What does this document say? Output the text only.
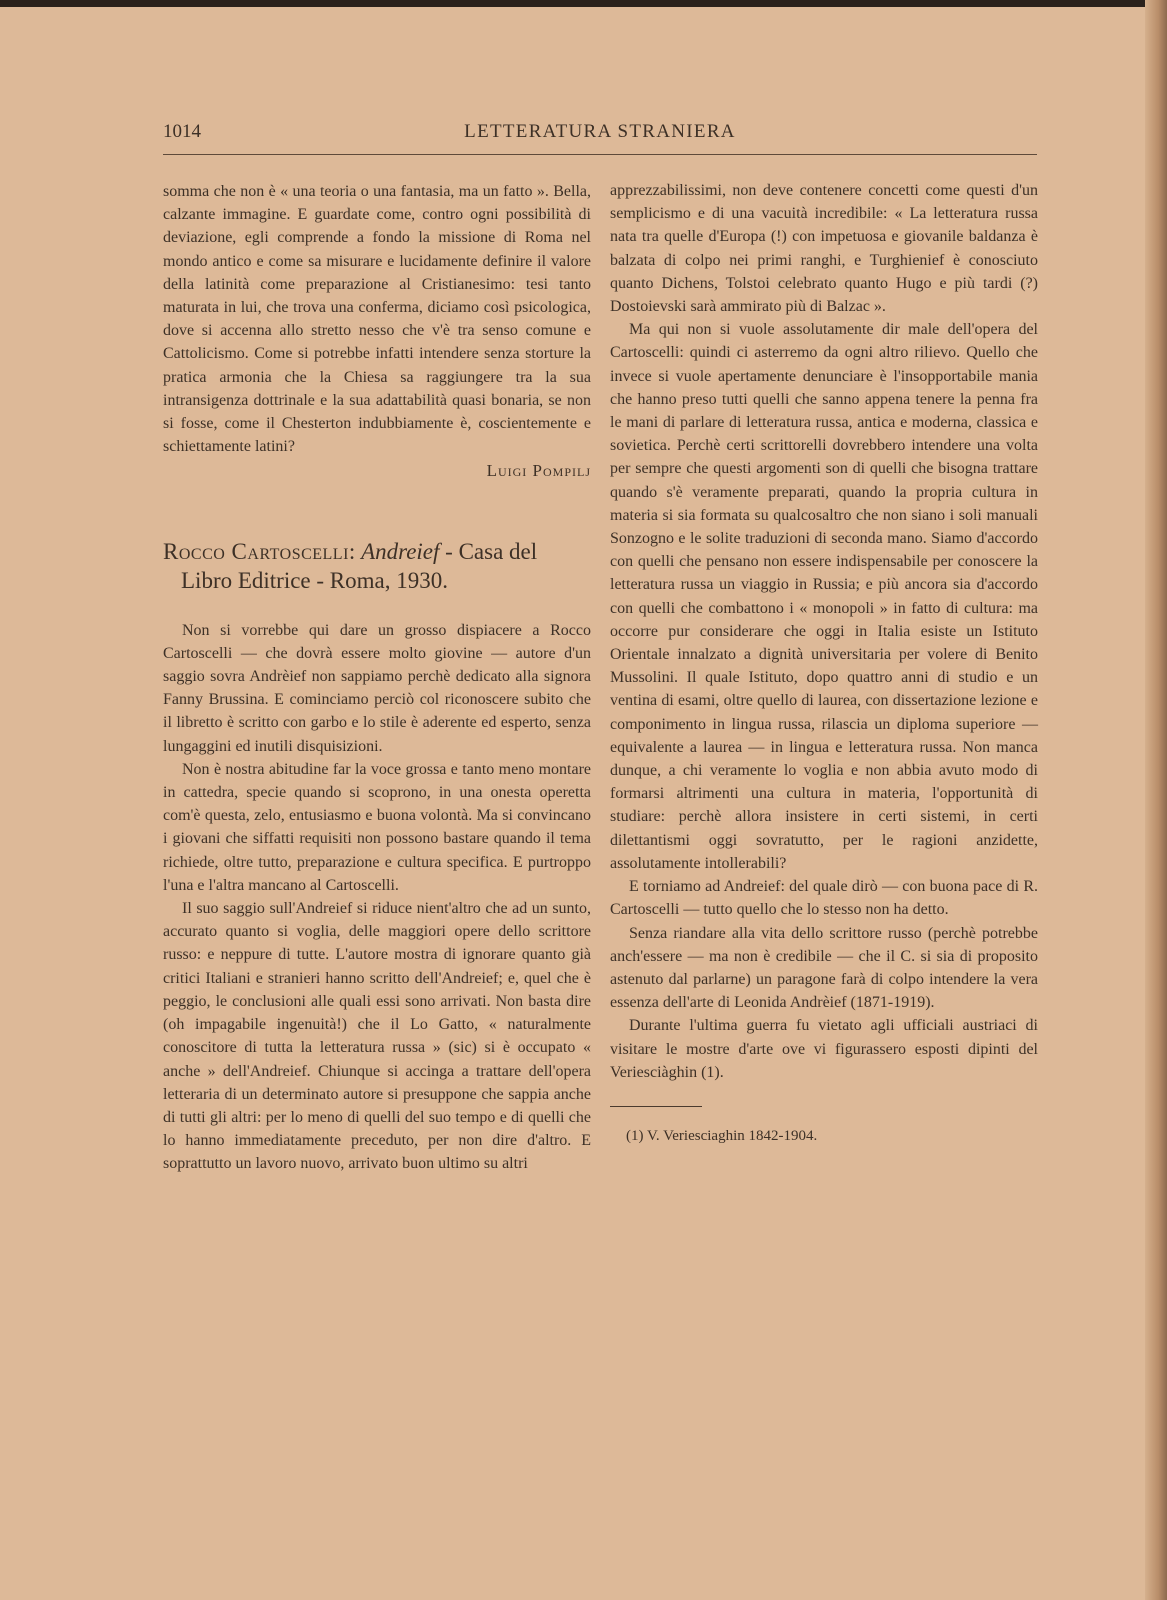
1014	LETTERATURA STRANIERA

somma che non è « una teoria o una fantasia, ma un fatto ». Bella, calzante immagine. E guardate come, contro ogni possibilità di deviazione, egli comprende a fondo la missione di Roma nel mondo antico e come sa misurare e lucidamente definire il valore della latinità come preparazione al Cristianesimo: tesi tanto maturata in lui, che trova una conferma, diciamo così psicologica, dove si accenna allo stretto nesso che v'è tra senso comune e Cattolicismo. Come si potrebbe infatti intendere senza storture la pratica armonia che la Chiesa sa raggiungere tra la sua intransigenza dottrinale e la sua adattabilità quasi bonaria, se non si fosse, come il Chesterton indubbiamente è, coscientemente e schiettamente latini?

Luigi Pompilj

Rocco Cartoscelli: Andreief - Casa del Libro Editrice - Roma, 1930.

Non si vorrebbe qui dare un grosso dispiacere a Rocco Cartoscelli — che dovrà essere molto giovine — autore d'un saggio sovra Andrèief non sappiamo perchè dedicato alla signora Fanny Brussina. E cominciamo perciò col riconoscere subito che il libretto è scritto con garbo e lo stile è aderente ed esperto, senza lungaggini ed inutili disquisizioni.

Non è nostra abitudine far la voce grossa e tanto meno montare in cattedra, specie quando si scoprono, in una onesta operetta com'è questa, zelo, entusiasmo e buona volontà. Ma si convincano i giovani che siffatti requisiti non possono bastare quando il tema richiede, oltre tutto, preparazione e cultura specifica. E purtroppo l'una e l'altra mancano al Cartoscelli.

Il suo saggio sull'Andreief si riduce nient'altro che ad un sunto, accurato quanto si voglia, delle maggiori opere dello scrittore russo: e neppure di tutte. L'autore mostra di ignorare quanto già critici Italiani e stranieri hanno scritto dell'Andreief; e, quel che è peggio, le conclusioni alle quali essi sono arrivati. Non basta dire (oh impagabile ingenuità!) che il Lo Gatto, « naturalmente conoscitore di tutta la letteratura russa » (sic) si è occupato « anche » dell'Andreief. Chiunque si accinga a trattare dell'opera letteraria di un determinato autore si presuppone che sappia anche di tutti gli altri: per lo meno di quelli del suo tempo e di quelli che lo hanno immediatamente preceduto, per non dire d'altro. E soprattutto un lavoro nuovo, arrivato buon ultimo su altri

apprezzabilissimi, non deve contenere concetti come questi d'un semplicismo e di una vacuità incredibile: « La letteratura russa nata tra quelle d'Europa (!) con impetuosa e giovanile baldanza è balzata di colpo nei primi ranghi, e Turghienief è conosciuto quanto Dichens, Tolstoi celebrato quanto Hugo e più tardi (?) Dostoievski sarà ammirato più di Balzac ».

Ma qui non si vuole assolutamente dir male dell'opera del Cartoscelli: quindi ci asterremo da ogni altro rilievo. Quello che invece si vuole apertamente denunciare è l'insopportabile mania che hanno preso tutti quelli che sanno appena tenere la penna fra le mani di parlare di letteratura russa, antica e moderna, classica e sovietica. Perchè certi scrittorelli dovrebbero intendere una volta per sempre che questi argomenti son di quelli che bisogna trattare quando s'è veramente preparati, quando la propria cultura in materia si sia formata su qualcosaltro che non siano i soli manuali Sonzogno e le solite traduzioni di seconda mano. Siamo d'accordo con quelli che pensano non essere indispensabile per conoscere la letteratura russa un viaggio in Russia; e più ancora sia d'accordo con quelli che combattono i « monopoli » in fatto di cultura: ma occorre pur considerare che oggi in Italia esiste un Istituto Orientale innalzato a dignità universitaria per volere di Benito Mussolini. Il quale Istituto, dopo quattro anni di studio e un ventina di esami, oltre quello di laurea, con dissertazione lezione e componimento in lingua russa, rilascia un diploma superiore — equivalente a laurea — in lingua e letteratura russa. Non manca dunque, a chi veramente lo voglia e non abbia avuto modo di formarsi altrimenti una cultura in materia, l'opportunità di studiare: perchè allora insistere in certi sistemi, in certi dilettantismi oggi sovratutto, per le ragioni anzidette, assolutamente intollerabili?

E torniamo ad Andreief: del quale dirò — con buona pace di R. Cartoscelli — tutto quello che lo stesso non ha detto.

Senza riandare alla vita dello scrittore russo (perchè potrebbe anch'essere — ma non è credibile — che il C. si sia di proposito astenuto dal parlarne) un paragone farà di colpo intendere la vera essenza dell'arte di Leonida Andrèief (1871-1919).

Durante l'ultima guerra fu vietato agli ufficiali austriaci di visitare le mostre d'arte ove vi figurassero esposti dipinti del Veriesciàghin (1).

(1) V. Veriesciaghin 1842-1904.
